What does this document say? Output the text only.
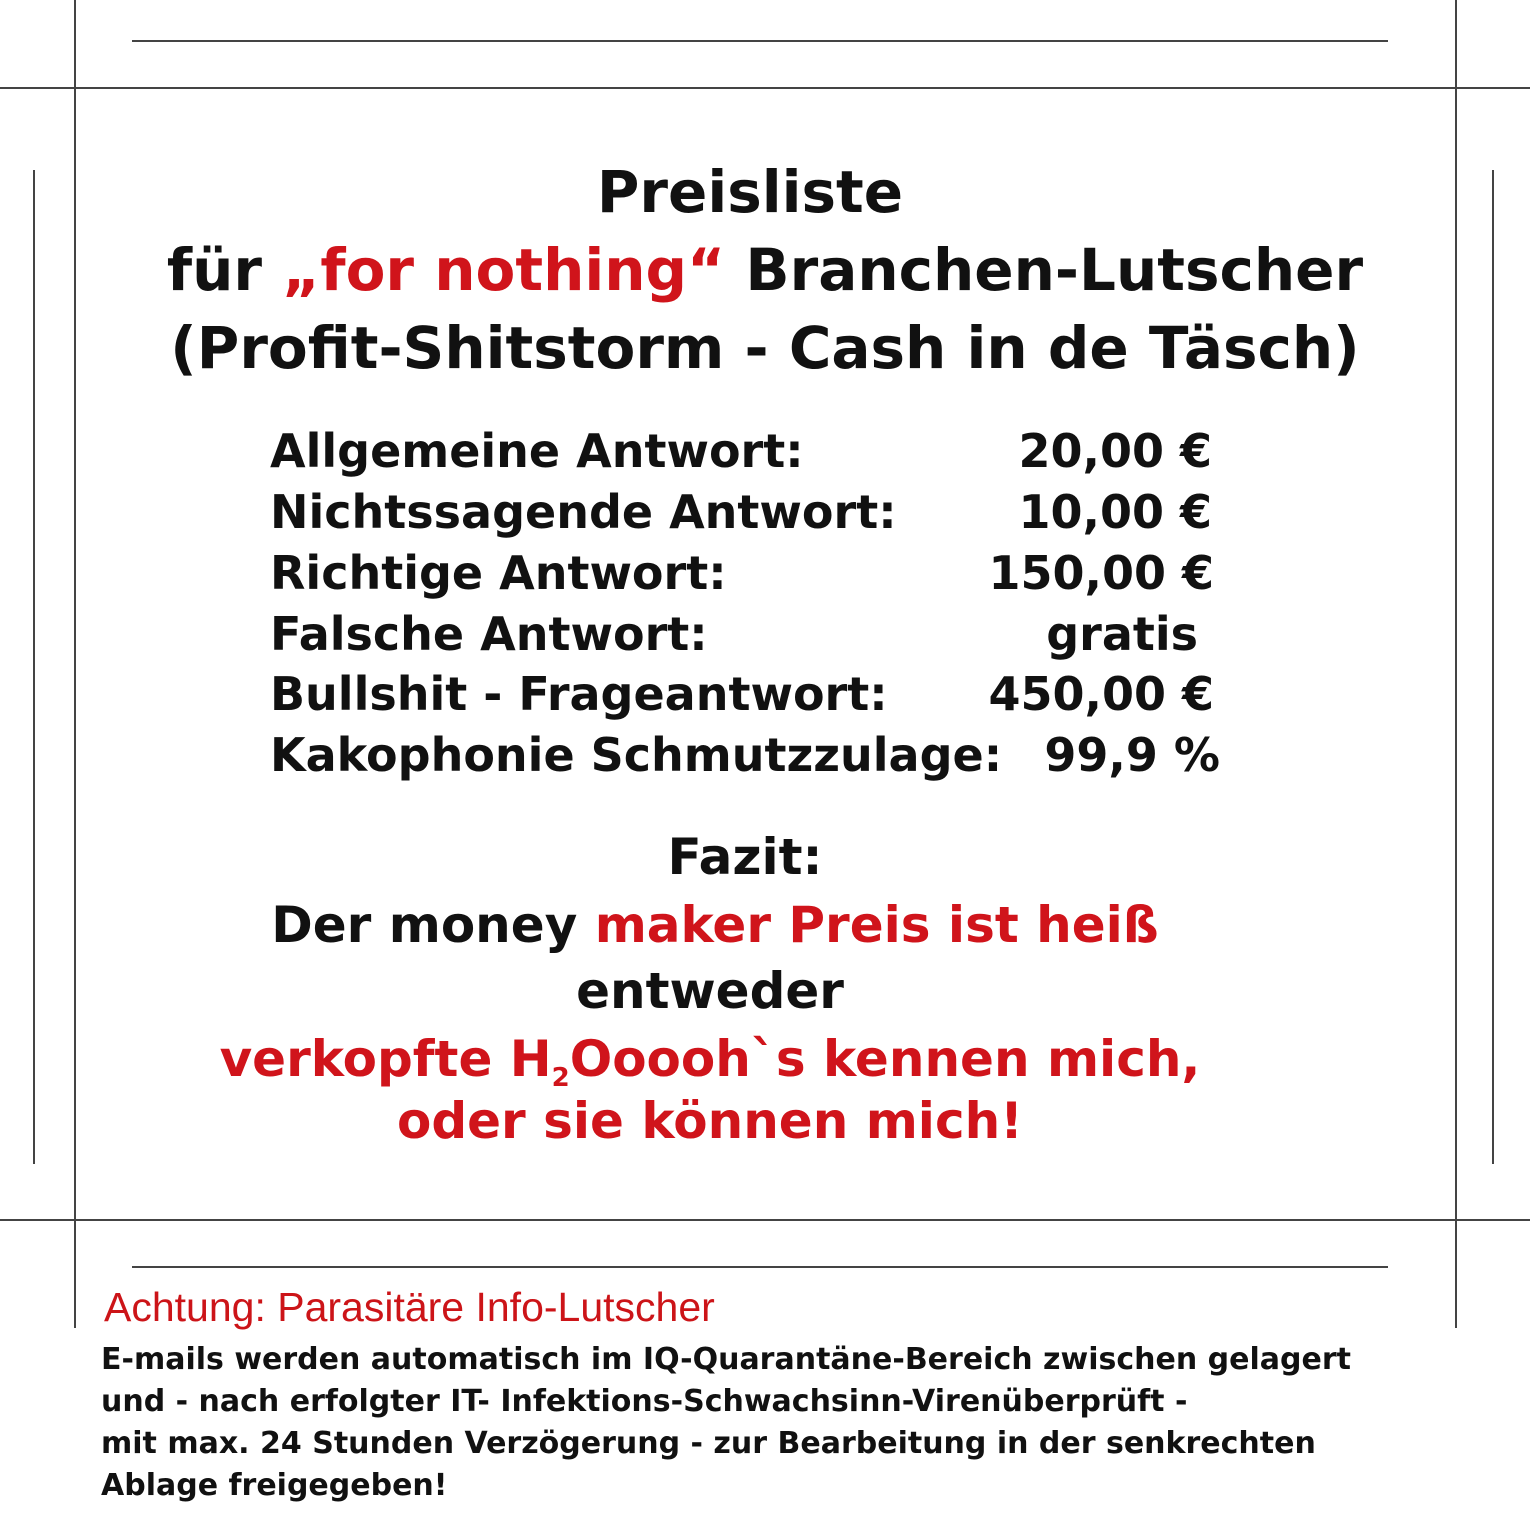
Preisliste
für „for nothing“ Branchen-Lutscher
(Profit-Shitstorm - Cash in de Täsch)
Allgemeine Antwort:	20,00 €
Nichtssagende Antwort:	10,00 €
Richtige Antwort:	150,00 €
Falsche Antwort:	gratis
Bullshit - Frageantwort: 450,00 €
Kakophonie Schmutzzulage: 99,9 %
Fazit:
Der money maker Preis ist heiß
entweder
verkopfte $H_2Ooooh`s$ kennen mich,
oder sie können mich!
Achtung: Parasitäre Info-Lutscher
E-mails werden automatisch im IQ-Quarantäne-Bereich zwischen gelagert
und - nach erfolgter IT- Infektions-Schwachsinn-Virenüberprüft -
mit max. 24 Stunden Verzögerung - zur Bearbeitung in der senkrechten
Ablage freigegeben!
